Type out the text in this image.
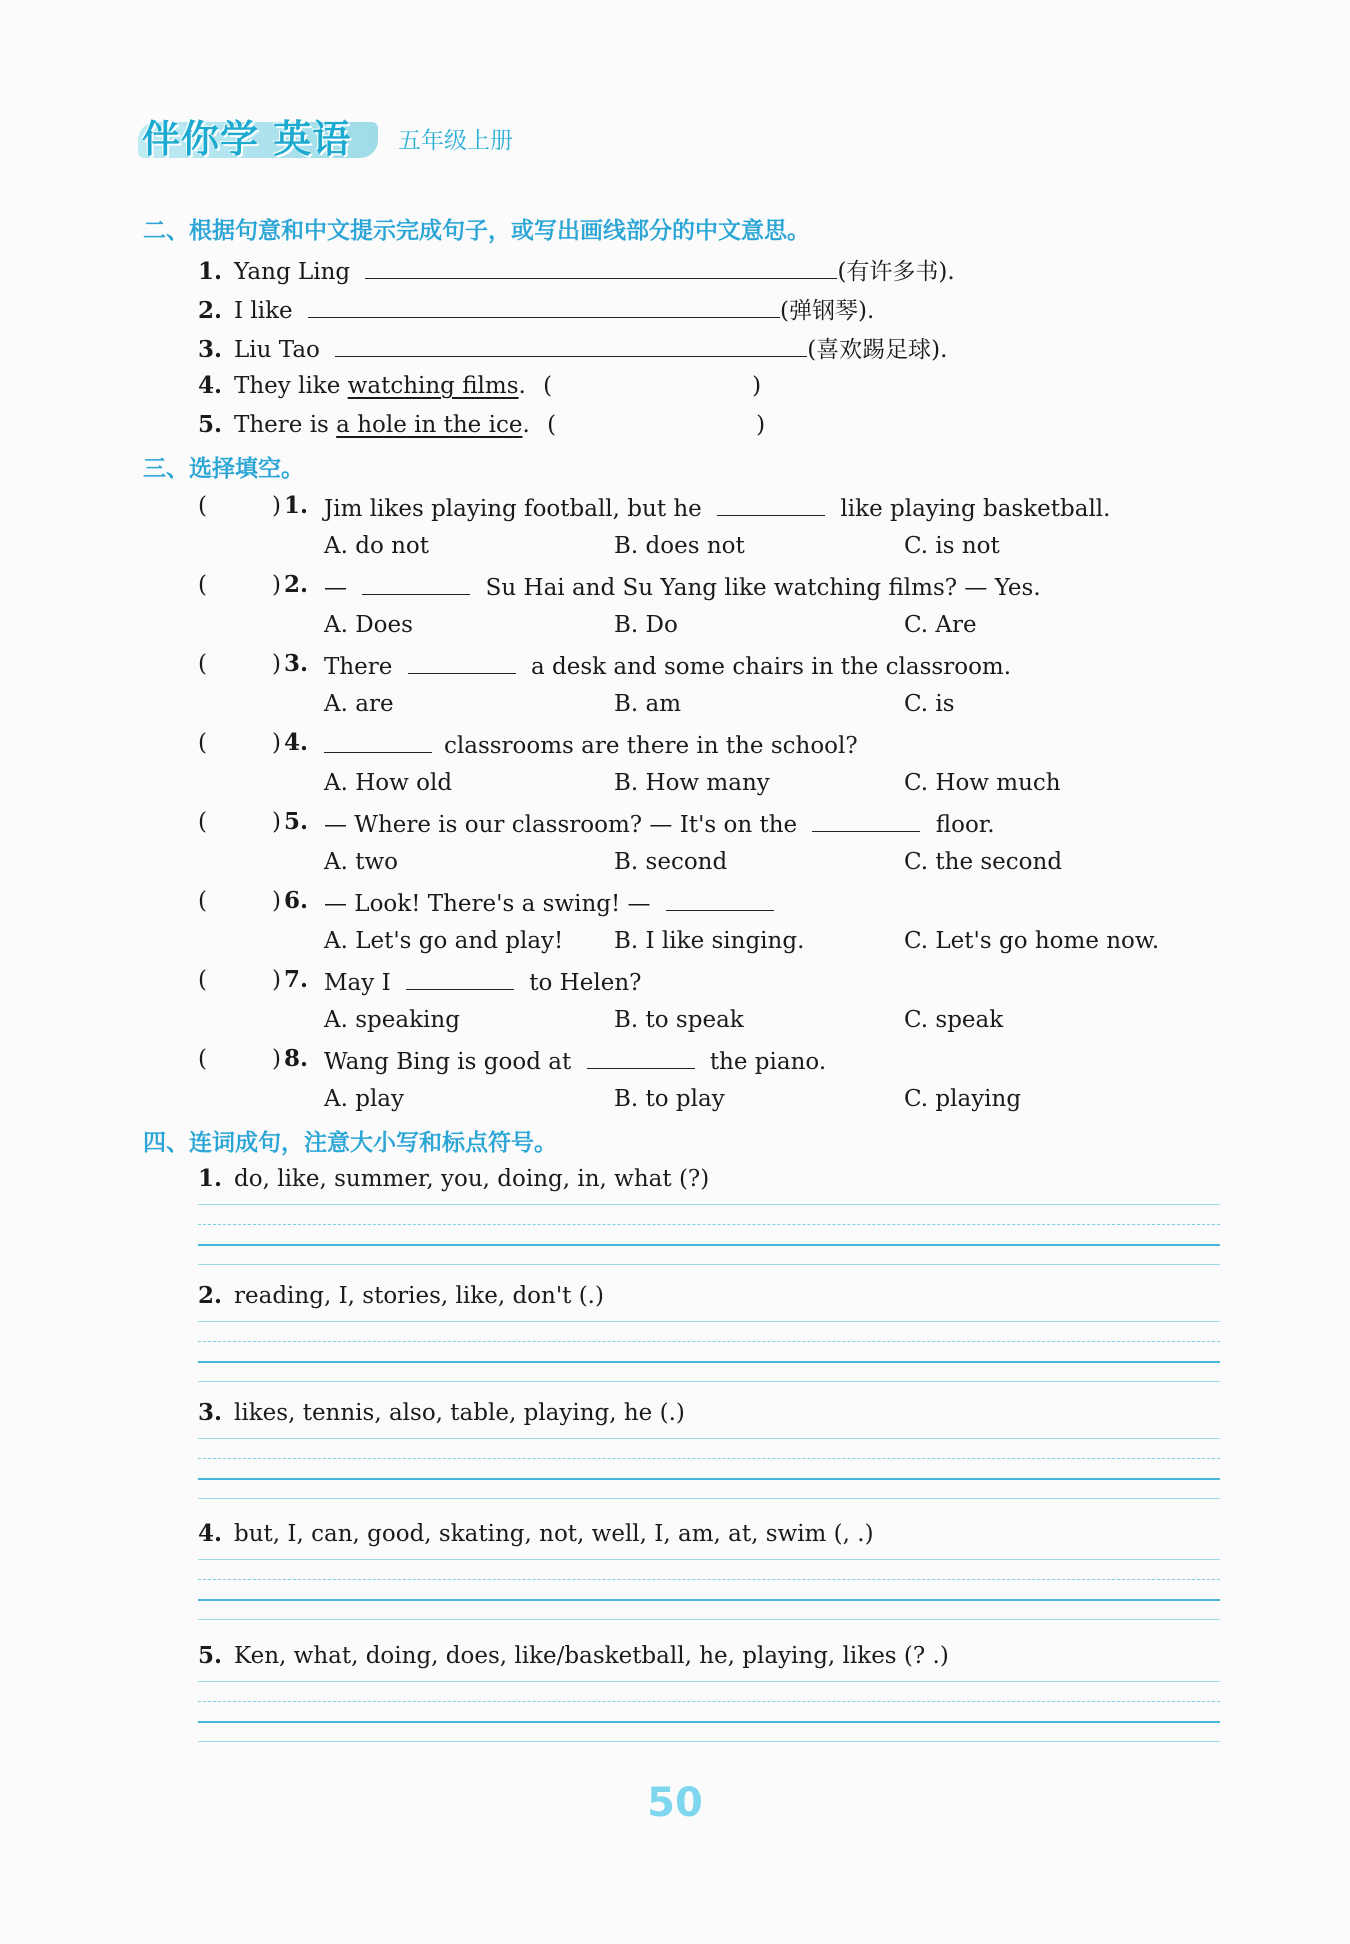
伴你学 英语 五年级上册
二、根据句意和中文提示完成句子，或写出画线部分的中文意思。
1. Yang Ling	(有许多书).
2. I like	(弹钢琴).
3. Liu Tao	(喜欢踢足球).
4. They like watching films. (	)
5. There is a hole in the ice. (	)
三、选择填空。
(	) 1. Jim likes playing football, but he	like playing basketball.
A. do not	B. does not	C. is not
(	) 2. —	Su Hai and Su Yang like watching films? — Yes.
A. Does	B. Do	C. Are
(	) 3. There	a desk and some chairs in the classroom.
A. are	B. am	C. is
(	) 4.	classrooms are there in the school?
A. How old	B. How many	C. How much
(	) 5. — Where is our classroom? — It's on the	floor.
A. two	B. second	C. the second
(	) 6. — Look! There's a swing! —
A. Let's go and play! B. I like singing.	C. Let's go home now.
(	) 7. May I	to Helen?
A. speaking	B. to speak	C. speak
(	) 8. Wang Bing is good at	the piano.
A. play	B. to play	C. playing
四、连词成句，注意大小写和标点符号。
1. do, like, summer, you, doing, in, what (?)
2. reading, I, stories, like, don't (.)
3. likes, tennis, also, table, playing, he (.)
4. but, I, can, good, skating, not, well, I, am, at, swim (, .)
5. Ken, what, doing, does, like/basketball, he, playing, likes (? .)
50
